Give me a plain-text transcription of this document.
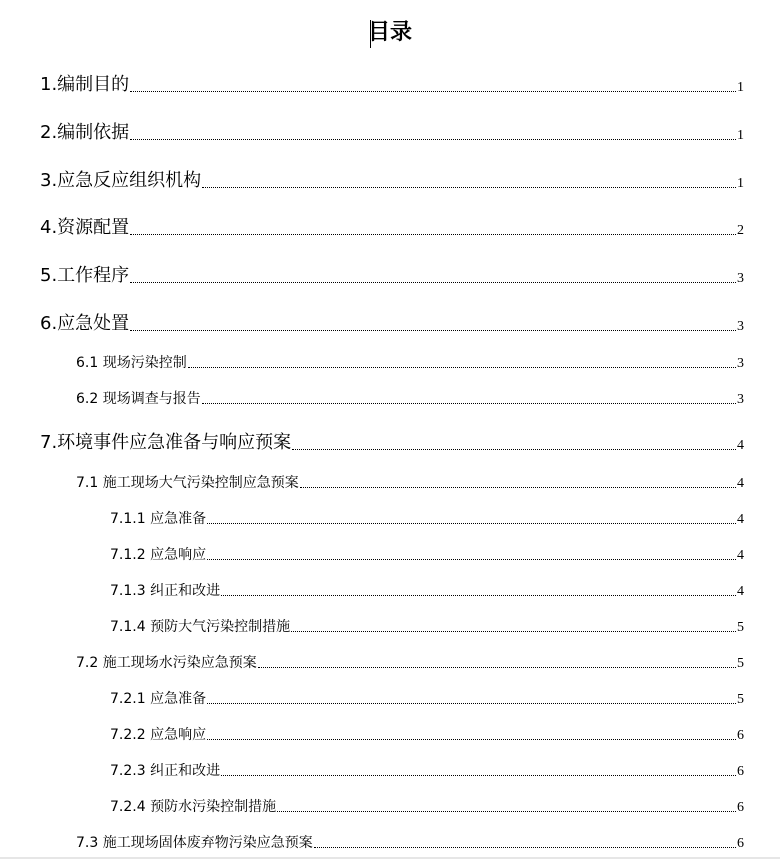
目录
1.编制目的	1
2.编制依据	1
3.应急反应组织机构	1
4.资源配置	2
5.工作程序	3
6.应急处置	3
6.1 现场污染控制	3
6.2 现场调查与报告	3
7.环境事件应急准备与响应预案	4
7.1 施工现场大气污染控制应急预案	4
7.1.1 应急准备	4
7.1.2 应急响应	4
7.1.3 纠正和改进	4
7.1.4 预防大气污染控制措施	5
7.2 施工现场水污染应急预案	5
7.2.1 应急准备	5
7.2.2 应急响应	6
7.2.3 纠正和改进	6
7.2.4 预防水污染控制措施	6
7.3 施工现场固体废弃物污染应急预案	6
